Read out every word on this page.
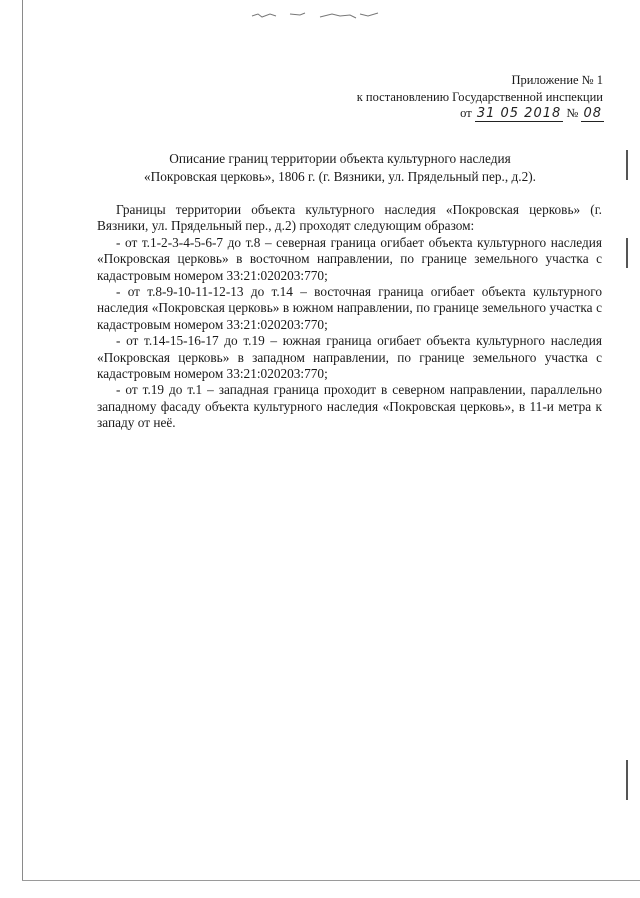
Приложение № 1
к постановлению Государственной инспекции
от 31 05 2018 № 08
Описание границ территории объекта культурного наследия
«Покровская церковь», 1806 г. (г. Вязники, ул. Прядельный пер., д.2).

Границы территории объекта культурного наследия «Покровская церковь» (г. Вязники, ул. Прядельный пер., д.2) проходят следующим образом:

- от т.1-2-3-4-5-6-7 до т.8 – северная граница огибает объекта культурного наследия «Покровская церковь» в восточном направлении, по границе земельного участка с кадастровым номером 33:21:020203:770;

- от т.8-9-10-11-12-13 до т.14 – восточная граница огибает объекта культурного наследия «Покровская церковь» в южном направлении, по границе земельного участка с кадастровым номером 33:21:020203:770;

- от т.14-15-16-17 до т.19 – южная граница огибает объекта культурного наследия «Покровская церковь» в западном направлении, по границе земельного участка с кадастровым номером 33:21:020203:770;

- от т.19 до т.1 – западная граница проходит в северном направлении, параллельно западному фасаду объекта культурного наследия «Покровская церковь», в 11-и метра к западу от неё.
